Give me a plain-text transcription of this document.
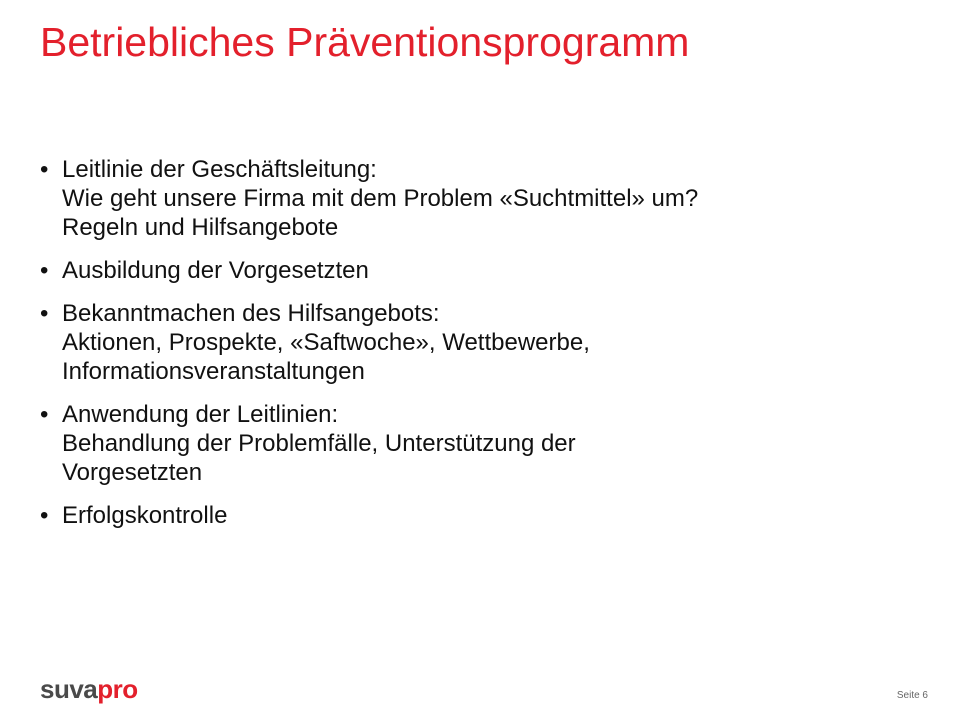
Betriebliches Präventionsprogramm
• Leitlinie der Geschäftsleitung:
Wie geht unsere Firma mit dem Problem «Suchtmittel» um?
Regeln und Hilfsangebote
• Ausbildung der Vorgesetzten
• Bekanntmachen des Hilfsangebots:
Aktionen, Prospekte, «Saftwoche», Wettbewerbe,
Informationsveranstaltungen
• Anwendung der Leitlinien:
Behandlung der Problemfälle, Unterstützung der
Vorgesetzten
• Erfolgskontrolle
suvapro	Seite 6
